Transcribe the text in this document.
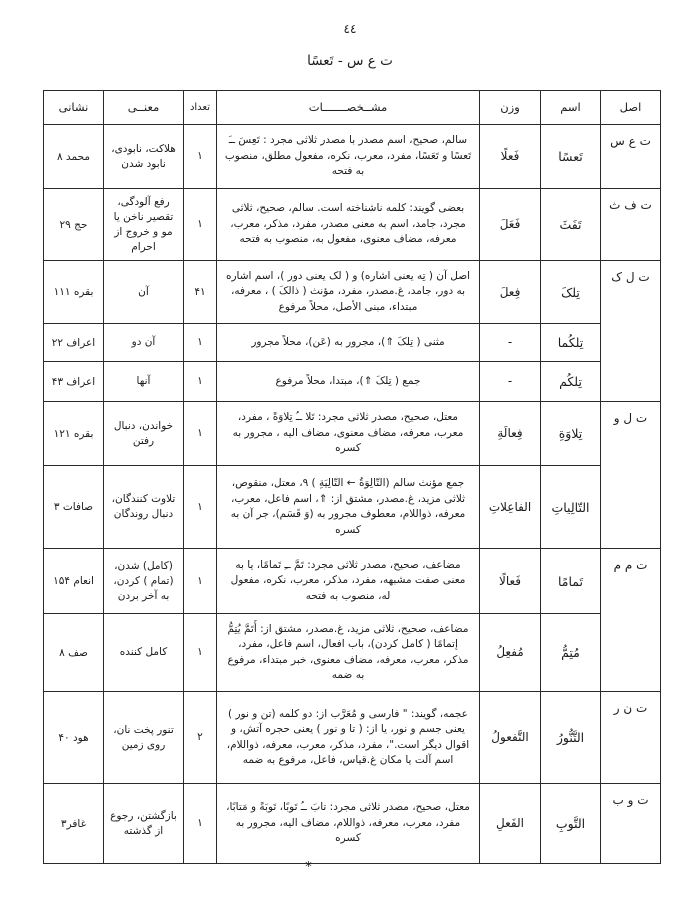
٤٤
ت ع س - تَعسًا
اصل	اسم	وزن	مشــخصـــــــات	تعداد	معنــی	نشانی
ت ع س	تَعسًا	فَعلًا	سالم، صحیح، اسم مصدر با مصدر ثلاثی مجرد : تَعِسَ ــَ تَعسًا و تَعَسًا، مفرد، معرب، نکره، مفعول مطلق، منصوب به فتحه	۱	هلاکت، نابودی، نابود شدن	محمد ۸
ت ف ث	تَفَثَ	فَعَلَ	بعضی گویند: کلمه ناشناخته است. سالم، صحیح، ثلاثی مجرد، جامد، اسم به معنی مصدر، مفرد، مذکر، معرب، معرفه، مضاف معنوی، مفعول به، منصوب به فتحه	۱	رفع آلودگی، تقصیر ناخن یا مو و خروج از احرام	حج ۲۹
ت ل ک	تِلکَ	فِعلَ	اصل آن ( تِه یعنی اشاره) و ( لک یعنی دور )، اسم اشاره به دور، جامد، غ.مصدر، مفرد، مؤنث ( ذالکَ ) ، معرفه، مبتداء، مبنی الأصل، محلاً مرفوع	۴۱	آن	بقره ۱۱۱
	تِلکُما	-	مثنی ( تِلکَ ⇑)، مجرور به (عَن)، محلاً مجرور	۱	آن دو	اعراف ۲۲
	تِلکُم	-	جمع ( تِلکَ ⇑)، مبتدا، محلاً مرفوع	۱	آنها	اعراف ۴۳
ت ل و	تِلاوَةِ	فِعالَةِ	معتل، صحیح، مصدر ثلاثی مجرد: تَلا ــُ تِلاوَةً ، مفرد، معرب، معرفه، مضاف معنوی، مضاف الیه ، مجرور به کسره	۱	خواندن، دنبال رفتن	بقره ۱۲۱
	التّالِیاتِ	الفاعِلاتِ	جمع مؤنث سالم (التّالِوَةُ ← التّالِیَةِ ) ۹، معتل، منقوص، ثلاثی مزید، غ.مصدر، مشتق از: ⇑، اسم فاعل، معرب، معرفه، ذواللام، معطوف مجرور به (وَ قَسَم)، جر آن به کسره	۱	تلاوت کنندگان، دنبال روندگان	صافات ۳
ت م م	تَمامًا	فَعالًا	مضاعف، صحیح، مصدر ثلاثی مجرد: تَمَّ ــِ تَمامًا، یا به معنی صفت مشبهه، مفرد، مذکر، معرب، نکره، مفعول له، منصوب به فتحه	۱	(کامل) شدن، (تمام ) کردن، به آخر بردن	انعام ۱۵۴
	مُتِمُّ	مُفعِلُ	مضاعف، صحیح، ثلاثی مزید، غ.مصدر، مشتق از: أَتَمَّ یُتِمُّ إتمامًا ( کامل کردن)، باب افعال، اسم فاعل، مفرد، مذکر، معرب، معرفه، مضاف معنوی، خبر مبتداء، مرفوع به ضمه	۱	کامل کننده	صف ۸
ت ن ر	التَّنُّورُ	التَّفعولُ	عجمه، گویند: " فارسی و مُعَرَّب از: دو کلمه (تن و نور ) یعنی جسم و نور، یا از: ( تا و نور ) یعنی حجره آتش، و اقوال دیگر است."، مفرد، مذکر، معرب، معرفه، ذواللام، اسم آلت یا مکان غ.قیاس، فاعل، مرفوع به ضمه	۲	تنور پخت نان، روی زمین	هود ۴۰
ت و ب	التَّوبِ	الفَعلِ	معتل، صحیح، مصدر ثلاثی مجرد: تابَ ــُ تَوبًا، تَوبَةً و مَتابًا، مفرد، معرب، معرفه، ذواللام، مضاف الیه، مجرور به کسره	۱	بازگشتن، رجوع از گذشته	غافر۳
*
